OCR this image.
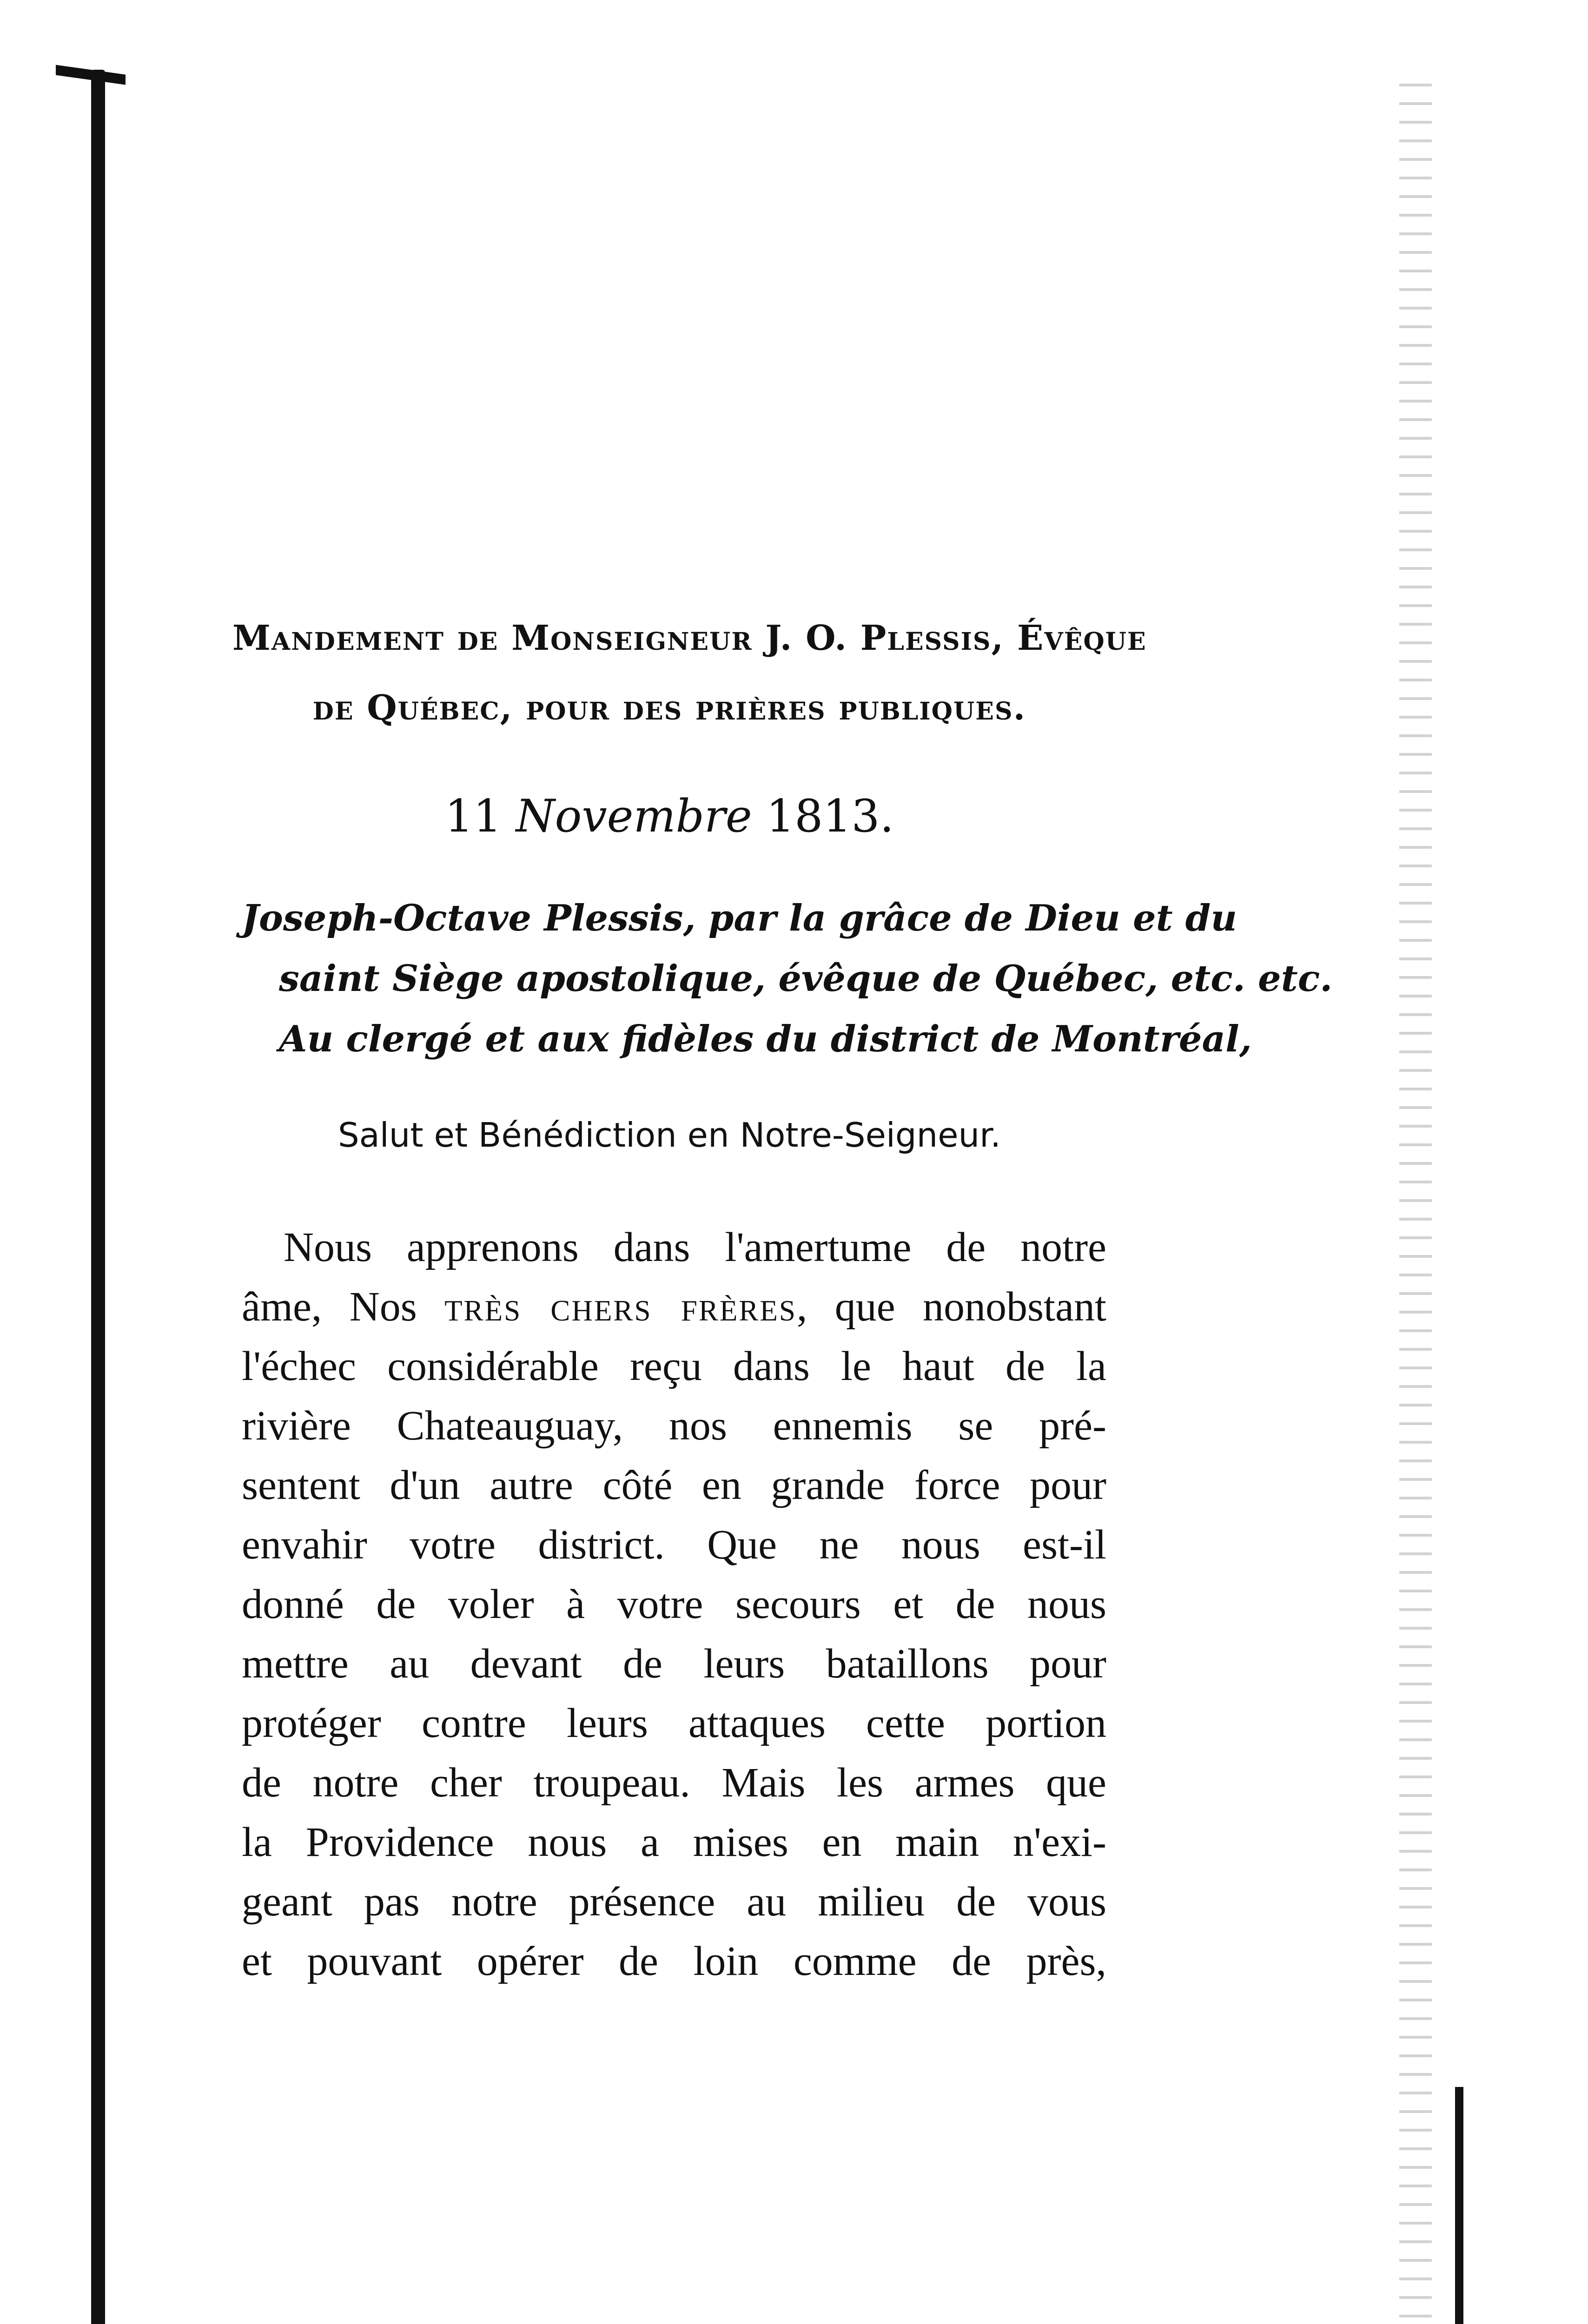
Mandement de Monseigneur J. O. Plessis, Évêque
de Québec, pour des prières publiques.
11 Novembre 1813.
Joseph-Octave Plessis, par la grâce de Dieu et du
saint Siège apostolique, évêque de Québec, etc. etc.
Au clergé et aux fidèles du district de Montréal,
Salut et Bénédiction en Notre-Seigneur.
Nous apprenons dans l'amertume de notre
âme, Nos très chers frères, que nonobstant
l'échec considérable reçu dans le haut de la
rivière Chateauguay, nos ennemis se pré-
sentent d'un autre côté en grande force pour
envahir votre district. Que ne nous est-il
donné de voler à votre secours et de nous
mettre au devant de leurs bataillons pour
protéger contre leurs attaques cette portion
de notre cher troupeau. Mais les armes que
la Providence nous a mises en main n'exi-
geant pas notre présence au milieu de vous
et pouvant opérer de loin comme de près,
